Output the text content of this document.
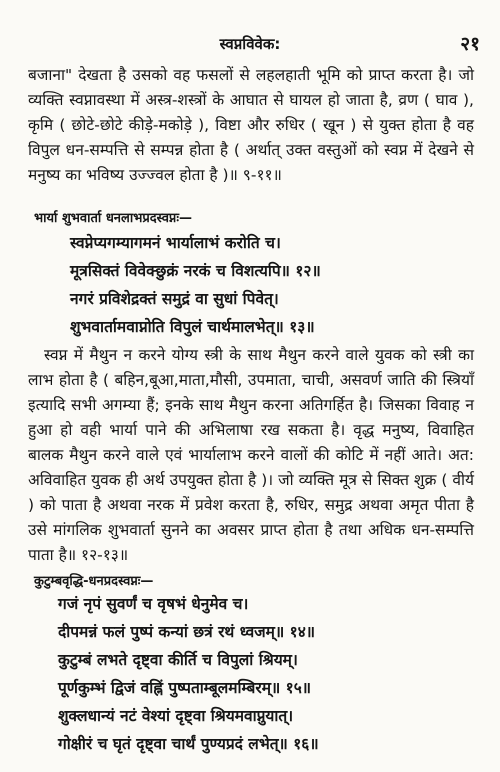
स्वप्नविवेक:	२१

बजाना" देखता है उसको वह फसलों से लहलहाती भूमि को प्राप्त करता है। जो व्यक्ति स्वप्नावस्था में अस्त्र-शस्त्रों के आघात से घायल हो जाता है, व्रण ( घाव ), कृमि ( छोटे-छोटे कीड़े-मकोड़े ), विष्टा और रुधिर ( खून ) से युक्त होता है वह विपुल धन-सम्पत्ति से सम्पन्न होता है ( अर्थात् उक्त वस्तुओं को स्वप्न में देखने से मनुष्य का भविष्य उज्ज्वल होता है )॥ ९-११॥

भार्या शुभवार्ता धनलाभप्रदस्वप्नः—
स्वप्नेप्यगम्यागमनं भार्यालाभं करोति च।
मूत्रसिक्तं विवेक्छुक्रं नरकं च विशत्यपि॥ १२॥
नगरं प्रविशेद्रक्तं समुद्रं वा सुधां पिवेत्।
शुभवार्तामवाप्नोति विपुलं चार्थमालभेत्॥ १३॥

स्वप्न में मैथुन न करने योग्य स्त्री के साथ मैथुन करने वाले युवक को स्त्री का लाभ होता है ( बहिन,बूआ,माता,मौसी, उपमाता, चाची, असवर्ण जाति की स्त्रियाँ इत्यादि सभी अगम्या हैं; इनके साथ मैथुन करना अतिगर्हित है। जिसका विवाह न हुआ हो वही भार्या पाने की अभिलाषा रख सकता है। वृद्ध मनुष्य, विवाहित बालक मैथुन करने वाले एवं भार्यालाभ करने वालों की कोटि में नहीं आते। अत: अविवाहित युवक ही अर्थ उपयुक्त होता है )। जो व्यक्ति मूत्र से सिक्त शुक्र ( वीर्य ) को पाता है अथवा नरक में प्रवेश करता है, रुधिर, समुद्र अथवा अमृत पीता है उसे मांगलिक शुभवार्ता सुनने का अवसर प्राप्त होता है तथा अधिक धन-सम्पत्ति पाता है॥ १२-१३॥

कुटुम्बवृद्धि-धनप्रदस्वप्नः—
गजं नृपं सुवर्णं च वृषभं धेनुमेव च।
दीपमन्नं फलं पुष्पं कन्यां छत्रं रथं ध्वजम्॥ १४॥
कुटुम्बं लभते दृष्ट्वा कीर्ति च विपुलां श्रियम्।
पूर्णकुम्भं द्विजं वह्निं पुष्पताम्बूलमम्बिरम्॥ १५॥
शुक्लधान्यं नटं वेश्यां दृष्ट्वा श्रियमवाप्नुयात्।
गोक्षीरं च घृतं दृष्ट्वा चार्थं पुण्यप्रदं लभेत्॥ १६॥
